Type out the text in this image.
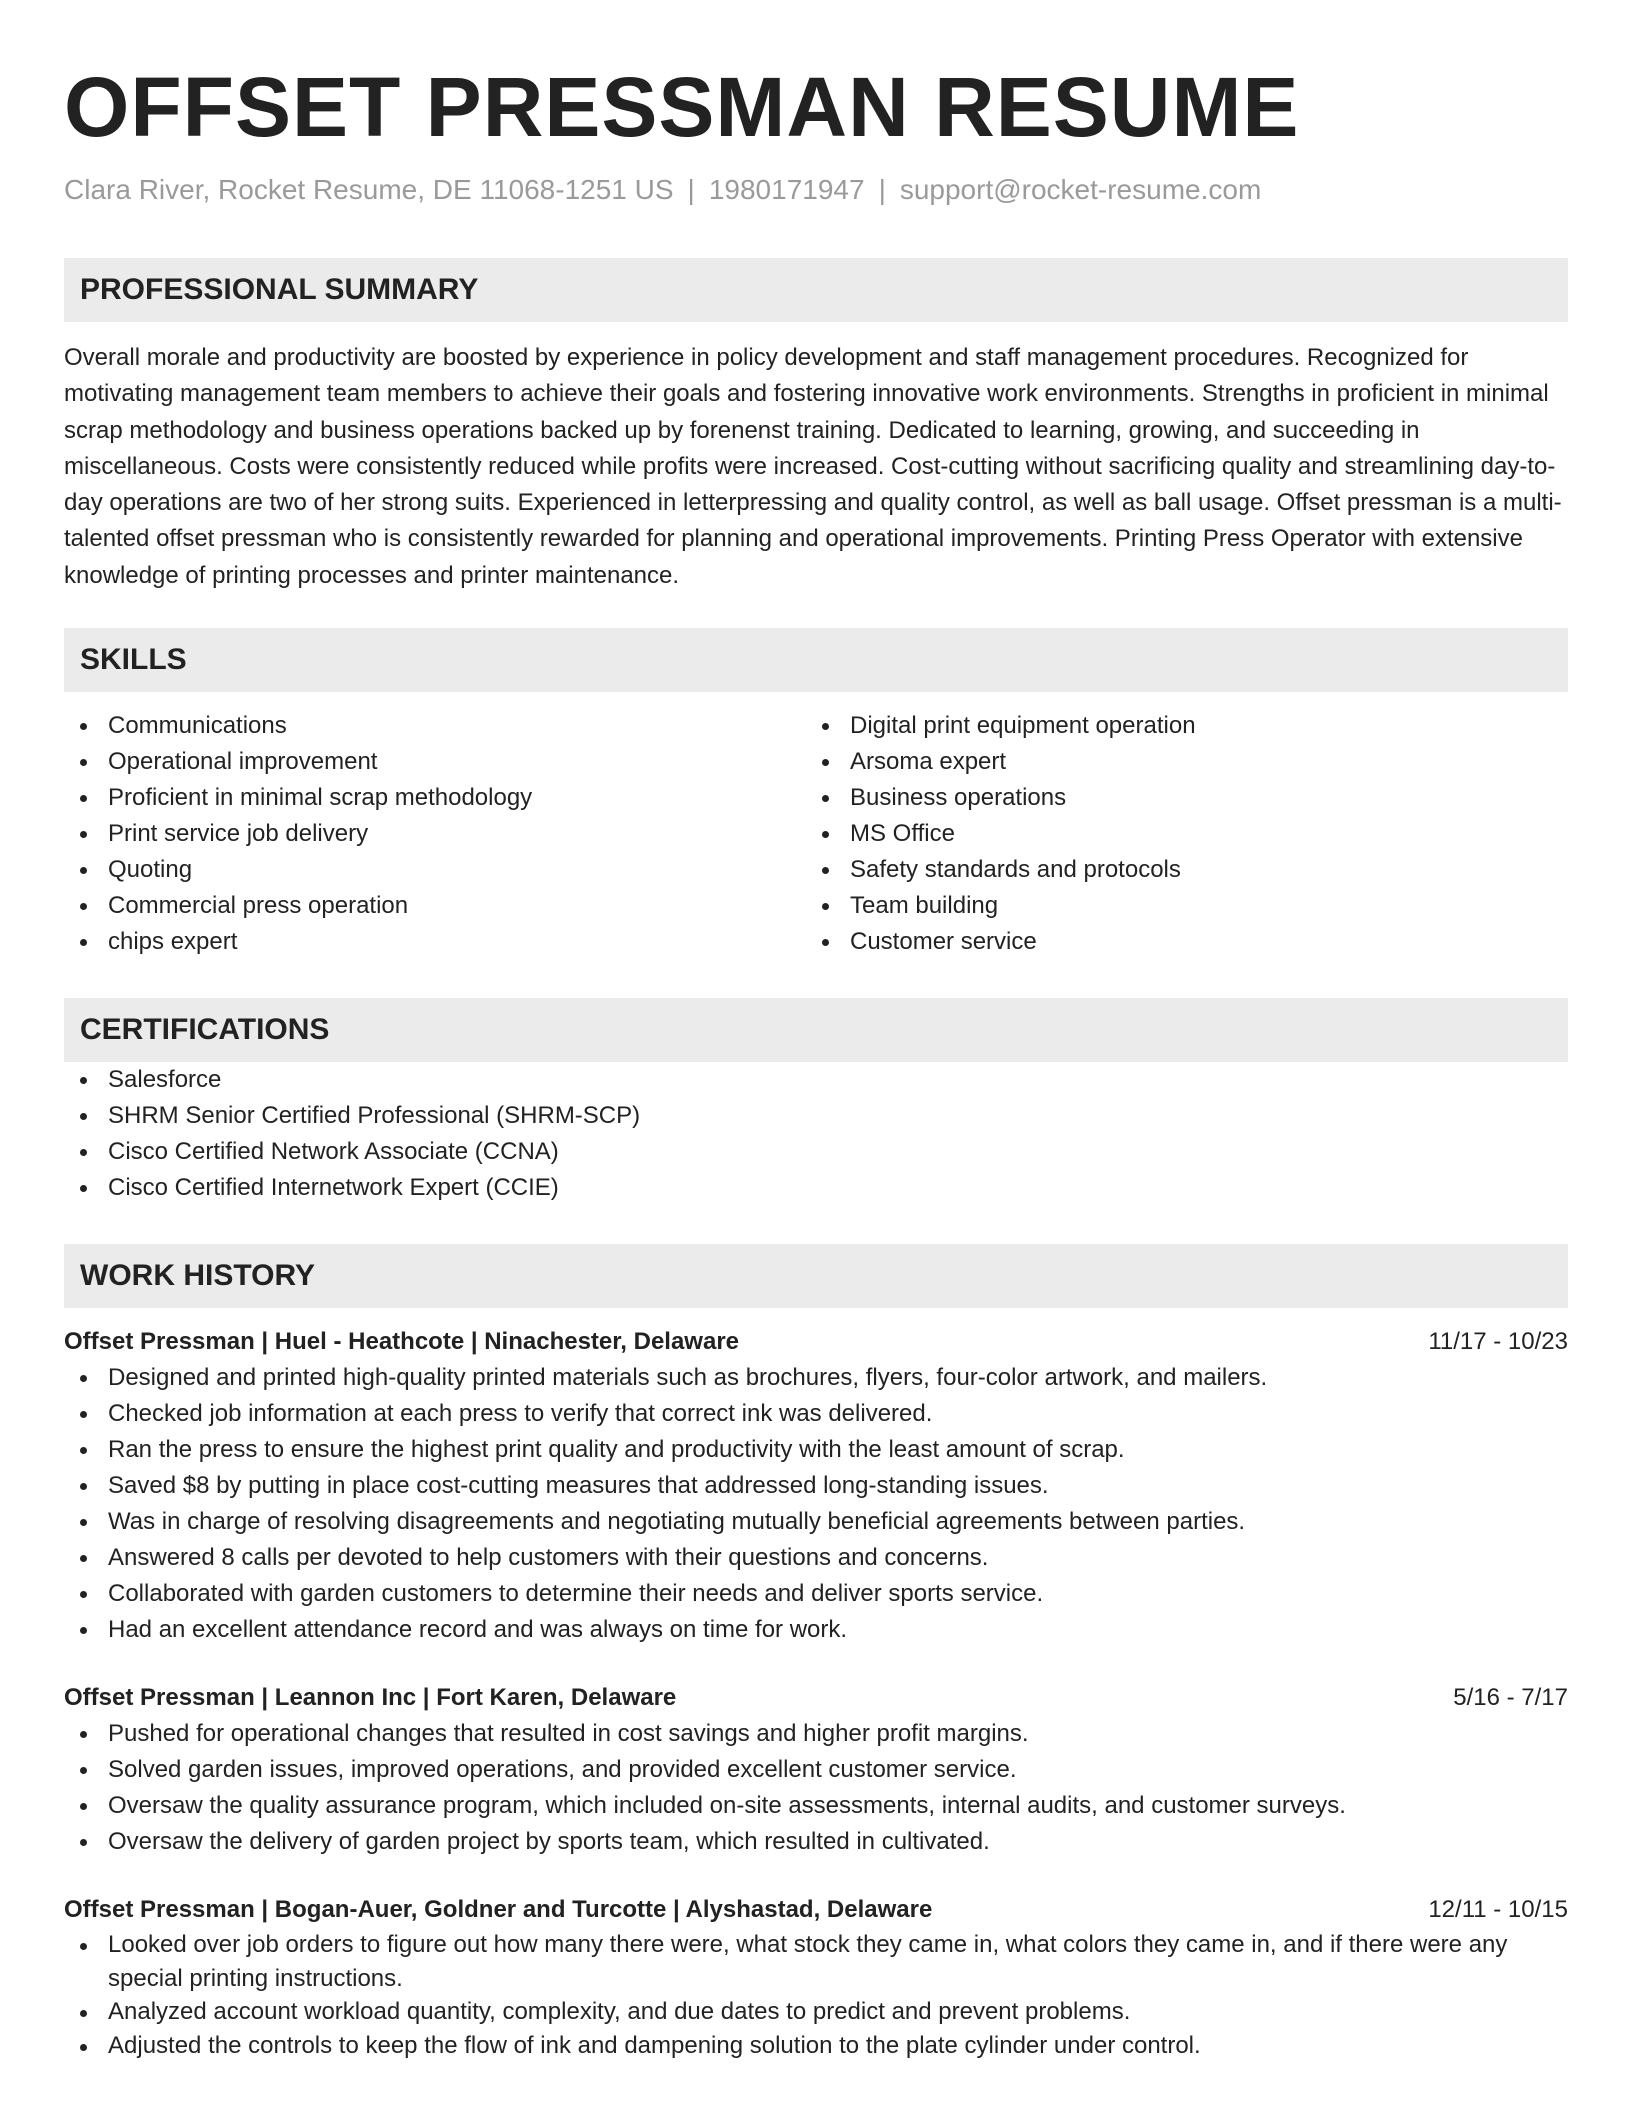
OFFSET PRESSMAN RESUME
Clara River, Rocket Resume, DE 11068-1251 US | 1980171947 | support@rocket-resume.com
PROFESSIONAL SUMMARY
Overall morale and productivity are boosted by experience in policy development and staff management procedures. Recognized for motivating management team members to achieve their goals and fostering innovative work environments. Strengths in proficient in minimal scrap methodology and business operations backed up by forenenst training. Dedicated to learning, growing, and succeeding in miscellaneous. Costs were consistently reduced while profits were increased. Cost-cutting without sacrificing quality and streamlining day-to-day operations are two of her strong suits. Experienced in letterpressing and quality control, as well as ball usage. Offset pressman is a multi-talented offset pressman who is consistently rewarded for planning and operational improvements. Printing Press Operator with extensive knowledge of printing processes and printer maintenance.
SKILLS
Communications
Operational improvement
Proficient in minimal scrap methodology
Print service job delivery
Quoting
Commercial press operation
chips expert
Digital print equipment operation
Arsoma expert
Business operations
MS Office
Safety standards and protocols
Team building
Customer service
CERTIFICATIONS
Salesforce
SHRM Senior Certified Professional (SHRM-SCP)
Cisco Certified Network Associate (CCNA)
Cisco Certified Internetwork Expert (CCIE)
WORK HISTORY
Offset Pressman | Huel - Heathcote | Ninachester, Delaware	11/17 - 10/23
Designed and printed high-quality printed materials such as brochures, flyers, four-color artwork, and mailers.
Checked job information at each press to verify that correct ink was delivered.
Ran the press to ensure the highest print quality and productivity with the least amount of scrap.
Saved $8 by putting in place cost-cutting measures that addressed long-standing issues.
Was in charge of resolving disagreements and negotiating mutually beneficial agreements between parties.
Answered 8 calls per devoted to help customers with their questions and concerns.
Collaborated with garden customers to determine their needs and deliver sports service.
Had an excellent attendance record and was always on time for work.
Offset Pressman | Leannon Inc | Fort Karen, Delaware	5/16 - 7/17
Pushed for operational changes that resulted in cost savings and higher profit margins.
Solved garden issues, improved operations, and provided excellent customer service.
Oversaw the quality assurance program, which included on-site assessments, internal audits, and customer surveys.
Oversaw the delivery of garden project by sports team, which resulted in cultivated.
Offset Pressman | Bogan-Auer, Goldner and Turcotte | Alyshastad, Delaware	12/11 - 10/15
Looked over job orders to figure out how many there were, what stock they came in, what colors they came in, and if there were any special printing instructions.
Analyzed account workload quantity, complexity, and due dates to predict and prevent problems.
Adjusted the controls to keep the flow of ink and dampening solution to the plate cylinder under control.
